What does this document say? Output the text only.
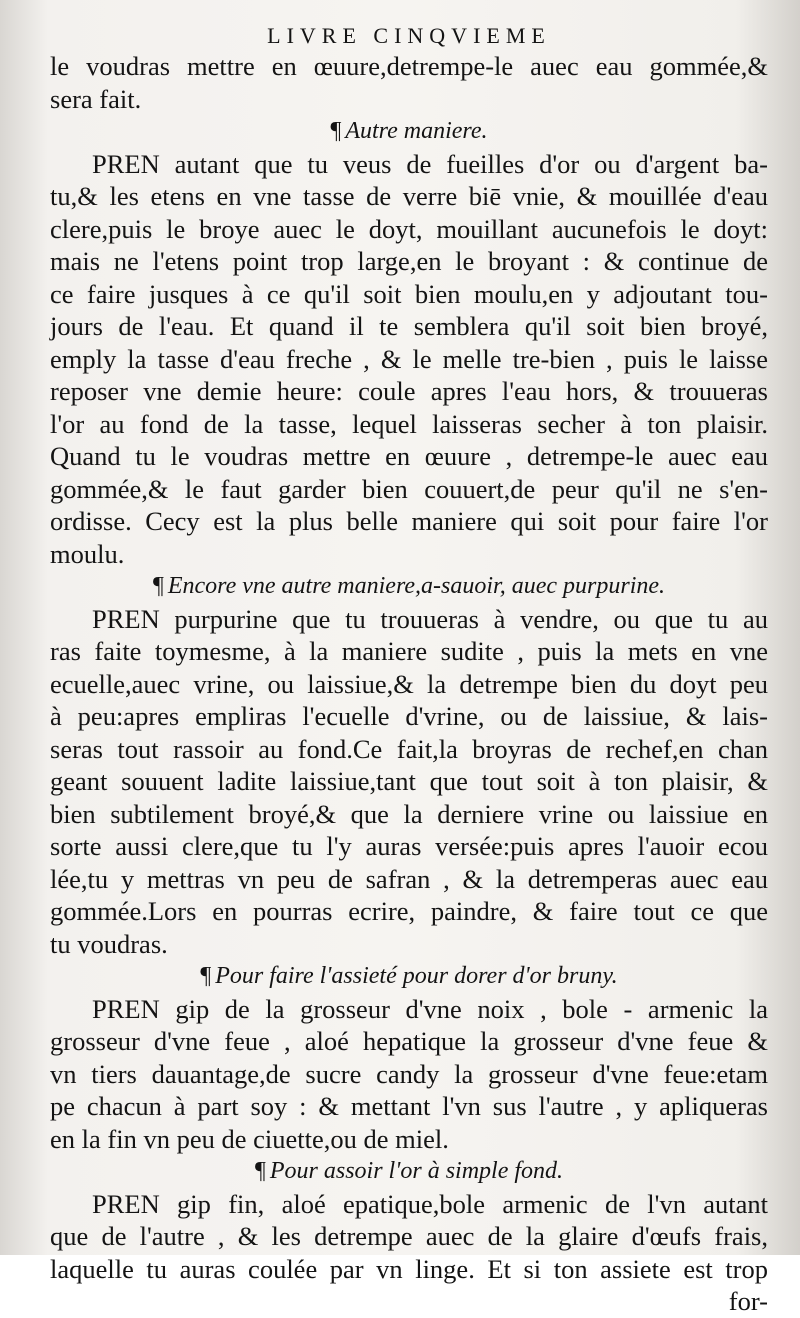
LIVRE CINQVIEME
le voudras mettre en œuure,detrempe-le auec eau gommée,&
sera fait.
¶ Autre maniere.
PREN autant que tu veus de fueilles d'or ou d'argent ba-
tu,& les etens en vne tasse de verre biē vnie, & mouillée d'eau
clere,puis le broye auec le doyt, mouillant aucunefois le doyt:
mais ne l'etens point trop large,en le broyant : & continue de
ce faire jusques à ce qu'il soit bien moulu,en y adjoutant tou-
jours de l'eau. Et quand il te semblera qu'il soit bien broyé,
emply la tasse d'eau freche , & le melle tre-bien , puis le laisse
reposer vne demie heure: coule apres l'eau hors, & trouueras
l'or au fond de la tasse, lequel laisseras secher à ton plaisir.
Quand tu le voudras mettre en œuure , detrempe-le auec eau
gommée,& le faut garder bien couuert,de peur qu'il ne s'en-
ordisse. Cecy est la plus belle maniere qui soit pour faire l'or
moulu.
¶ Encore vne autre maniere,a-sauoir, auec purpurine.
PREN purpurine que tu trouueras à vendre, ou que tu au
ras faite toymesme, à la maniere sudite , puis la mets en vne
ecuelle,auec vrine, ou laissiue,& la detrempe bien du doyt peu
à peu:apres empliras l'ecuelle d'vrine, ou de laissiue, & lais-
seras tout rassoir au fond.Ce fait,la broyras de rechef,en chan
geant souuent ladite laissiue,tant que tout soit à ton plaisir, &
bien subtilement broyé,& que la derniere vrine ou laissiue en
sorte aussi clere,que tu l'y auras versée:puis apres l'auoir ecou
lée,tu y mettras vn peu de safran , & la detremperas auec eau
gommée.Lors en pourras ecrire, paindre, & faire tout ce que
tu voudras.
¶ Pour faire l'assieté pour dorer d'or bruny.
PREN gip de la grosseur d'vne noix , bole - armenic la
grosseur d'vne feue , aloé hepatique la grosseur d'vne feue &
vn tiers dauantage,de sucre candy la grosseur d'vne feue:etam
pe chacun à part soy : & mettant l'vn sus l'autre , y apliqueras
en la fin vn peu de ciuette,ou de miel.
¶ Pour assoir l'or à simple fond.
PREN gip fin, aloé epatique,bole armenic de l'vn autant
que de l'autre , & les detrempe auec de la glaire d'œufs frais,
laquelle tu auras coulée par vn linge. Et si ton assiete est trop
for-
